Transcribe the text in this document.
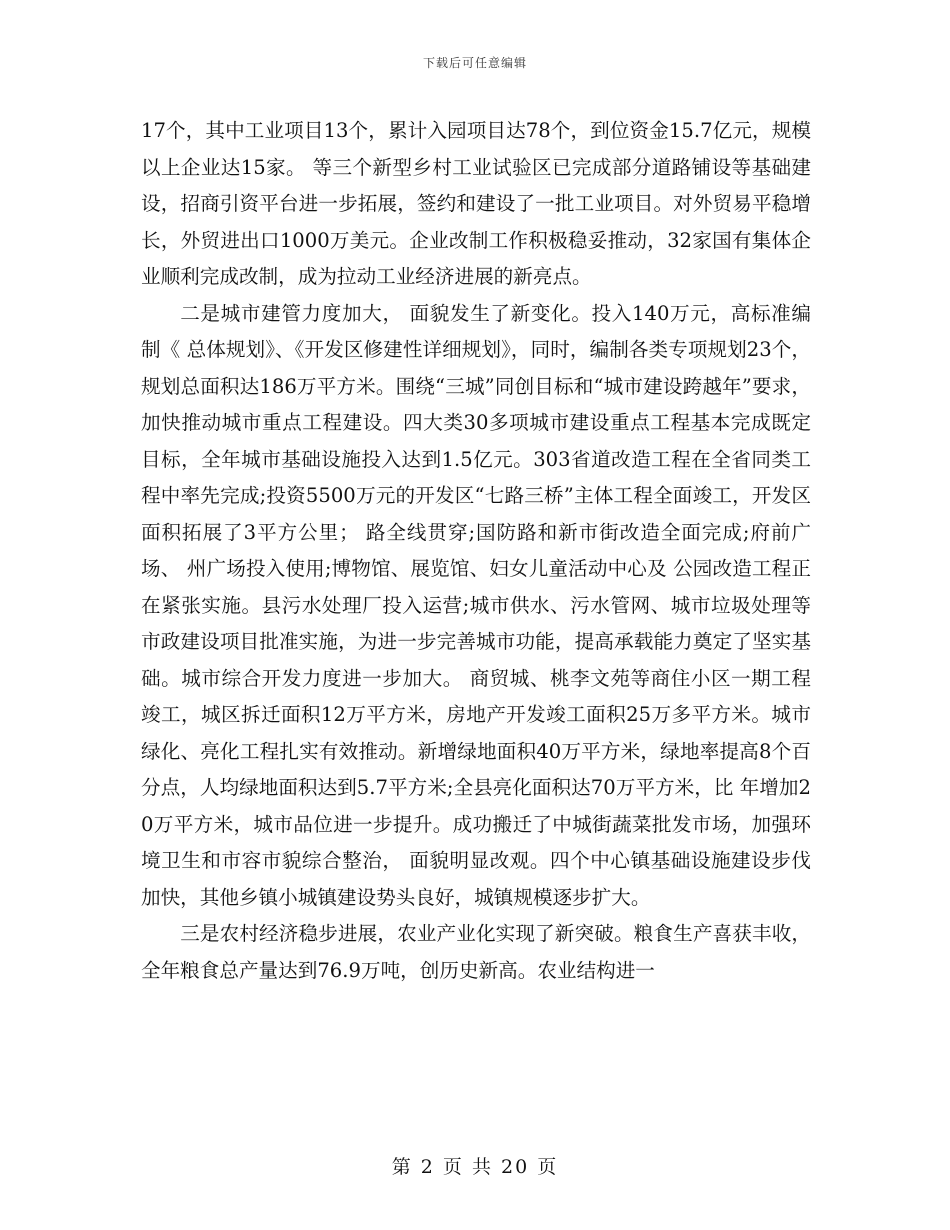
下载后可任意编辑

17个，其中工业项目13个，累计入园项目达78个，到位资金15.7亿元，规模以上企业达15家。 等三个新型乡村工业试验区已完成部分道路铺设等基础建设，招商引资平台进一步拓展，签约和建设了一批工业项目。对外贸易平稳增长，外贸进出口1000万美元。企业改制工作积极稳妥推动，32家国有集体企业顺利完成改制，成为拉动工业经济进展的新亮点。

二是城市建管力度加大， 面貌发生了新变化。投入140万元，高标准编制《 总体规划》、《开发区修建性详细规划》，同时，编制各类专项规划23个，规划总面积达186万平方米。围绕“三城”同创目标和“城市建设跨越年”要求，加快推动城市重点工程建设。四大类30多项城市建设重点工程基本完成既定目标，全年城市基础设施投入达到1.5亿元。303省道改造工程在全省同类工程中率先完成;投资5500万元的开发区“七路三桥”主体工程全面竣工，开发区面积拓展了3平方公里； 路全线贯穿;国防路和新市街改造全面完成;府前广场、 州广场投入使用;博物馆、展览馆、妇女儿童活动中心及 公园改造工程正在紧张实施。县污水处理厂投入运营;城市供水、污水管网、城市垃圾处理等市政建设项目批准实施，为进一步完善城市功能，提高承载能力奠定了坚实基础。城市综合开发力度进一步加大。 商贸城、桃李文苑等商住小区一期工程竣工，城区拆迁面积12万平方米，房地产开发竣工面积25万多平方米。城市绿化、亮化工程扎实有效推动。新增绿地面积40万平方米，绿地率提高8个百分点，人均绿地面积达到5.7平方米;全县亮化面积达70万平方米，比 年增加20万平方米，城市品位进一步提升。成功搬迁了中城街蔬菜批发市场，加强环境卫生和市容市貌综合整治， 面貌明显改观。四个中心镇基础设施建设步伐加快，其他乡镇小城镇建设势头良好，城镇规模逐步扩大。

三是农村经济稳步进展，农业产业化实现了新突破。粮食生产喜获丰收，全年粮食总产量达到76.9万吨，创历史新高。农业结构进一

第 2 页 共 20 页
